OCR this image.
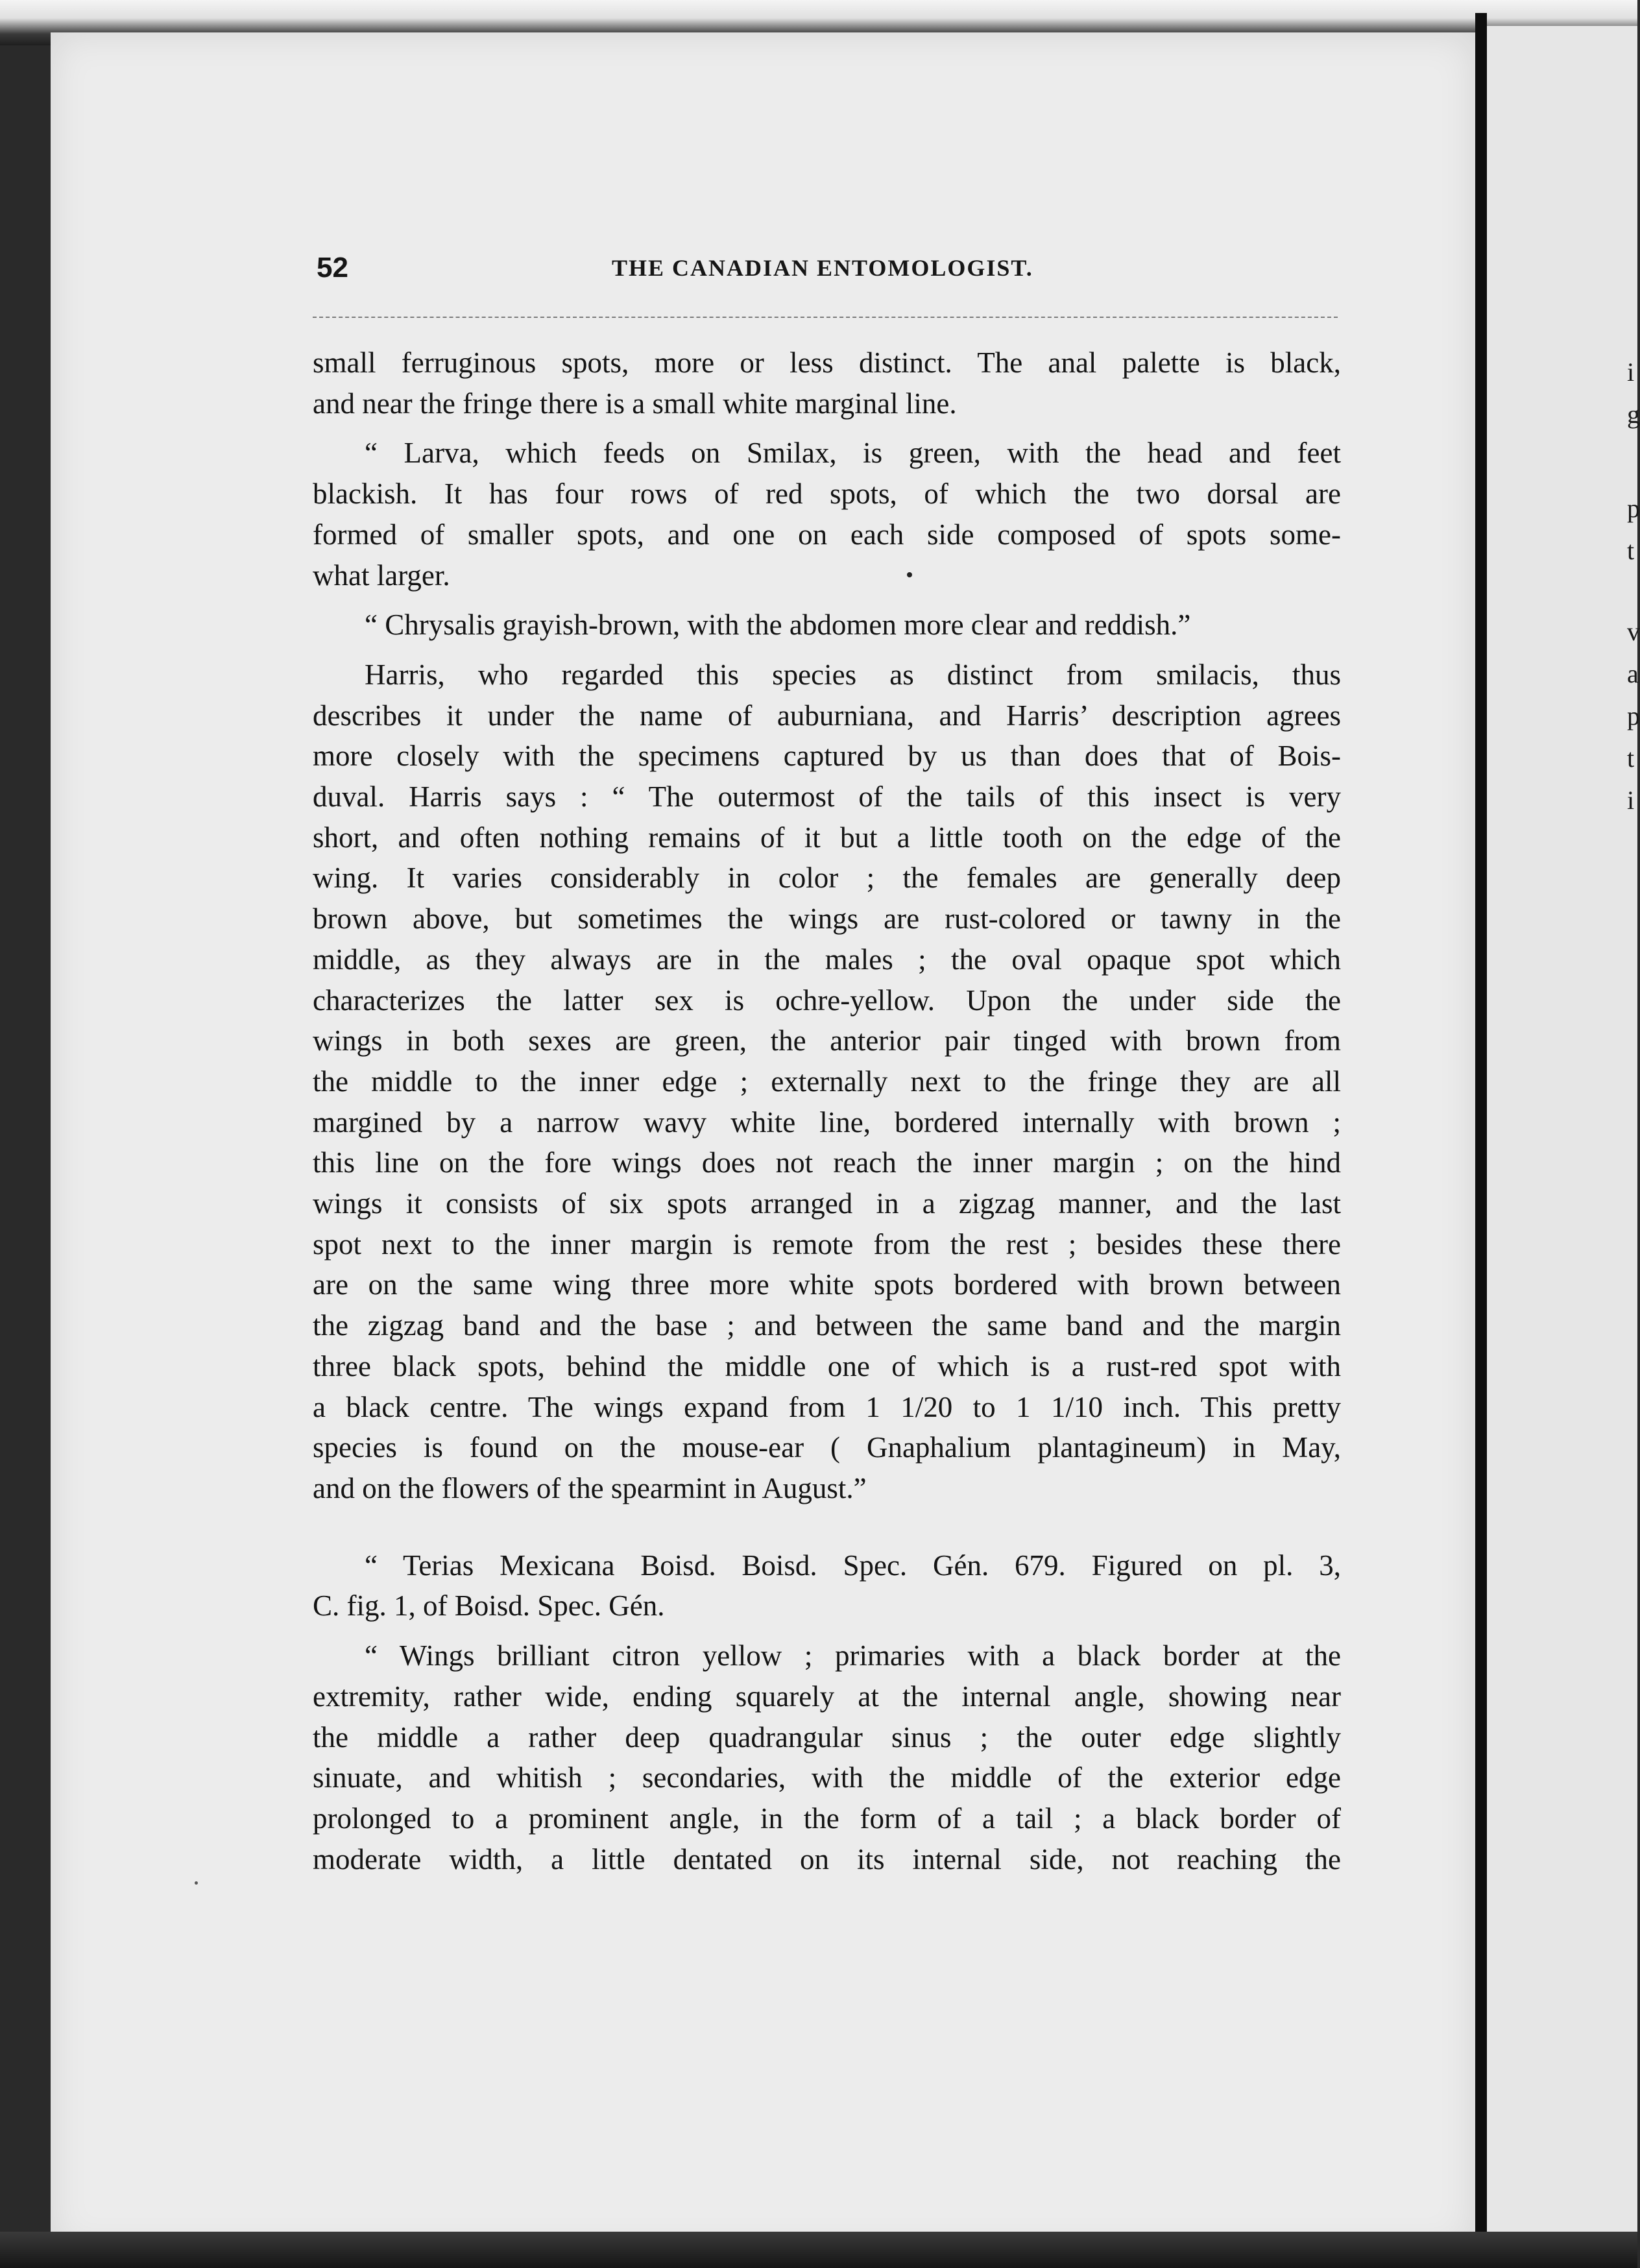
i
g
p
t
v
a
p
t
i
52	THE CANADIAN ENTOMOLOGIST.

small ferruginous spots, more or less distinct. The anal palette is black,
and near the fringe there is a small white marginal line.

“ Larva, which feeds on Smilax, is green, with the head and feet
blackish. It has four rows of red spots, of which the two dorsal are
formed of smaller spots, and one on each side composed of spots some-
what larger.

“ Chrysalis grayish-brown, with the abdomen more clear and reddish.”

Harris, who regarded this species as distinct from smilacis, thus
describes it under the name of auburniana, and Harris’ description agrees
more closely with the specimens captured by us than does that of Bois-
duval. Harris says : “ The outermost of the tails of this insect is very
short, and often nothing remains of it but a little tooth on the edge of the
wing. It varies considerably in color ; the females are generally deep
brown above, but sometimes the wings are rust-colored or tawny in the
middle, as they always are in the males ; the oval opaque spot which
characterizes the latter sex is ochre-yellow. Upon the under side the
wings in both sexes are green, the anterior pair tinged with brown from
the middle to the inner edge ; externally next to the fringe they are all
margined by a narrow wavy white line, bordered internally with brown ;
this line on the fore wings does not reach the inner margin ; on the hind
wings it consists of six spots arranged in a zigzag manner, and the last
spot next to the inner margin is remote from the rest ; besides these there
are on the same wing three more white spots bordered with brown between
the zigzag band and the base ; and between the same band and the margin
three black spots, behind the middle one of which is a rust-red spot with
a black centre. The wings expand from 1 1/20 to 1 1/10 inch. This pretty
species is found on the mouse-ear ( Gnaphalium plantagineum) in May,
and on the flowers of the spearmint in August.”

“ Terias Mexicana Boisd. Boisd. Spec. Gén. 679. Figured on pl. 3,
C. fig. 1, of Boisd. Spec. Gén.

“ Wings brilliant citron yellow ; primaries with a black border at the
extremity, rather wide, ending squarely at the internal angle, showing near
the middle a rather deep quadrangular sinus ; the outer edge slightly
sinuate, and whitish ; secondaries, with the middle of the exterior edge
prolonged to a prominent angle, in the form of a tail ; a black border of
moderate width, a little dentated on its internal side, not reaching the
